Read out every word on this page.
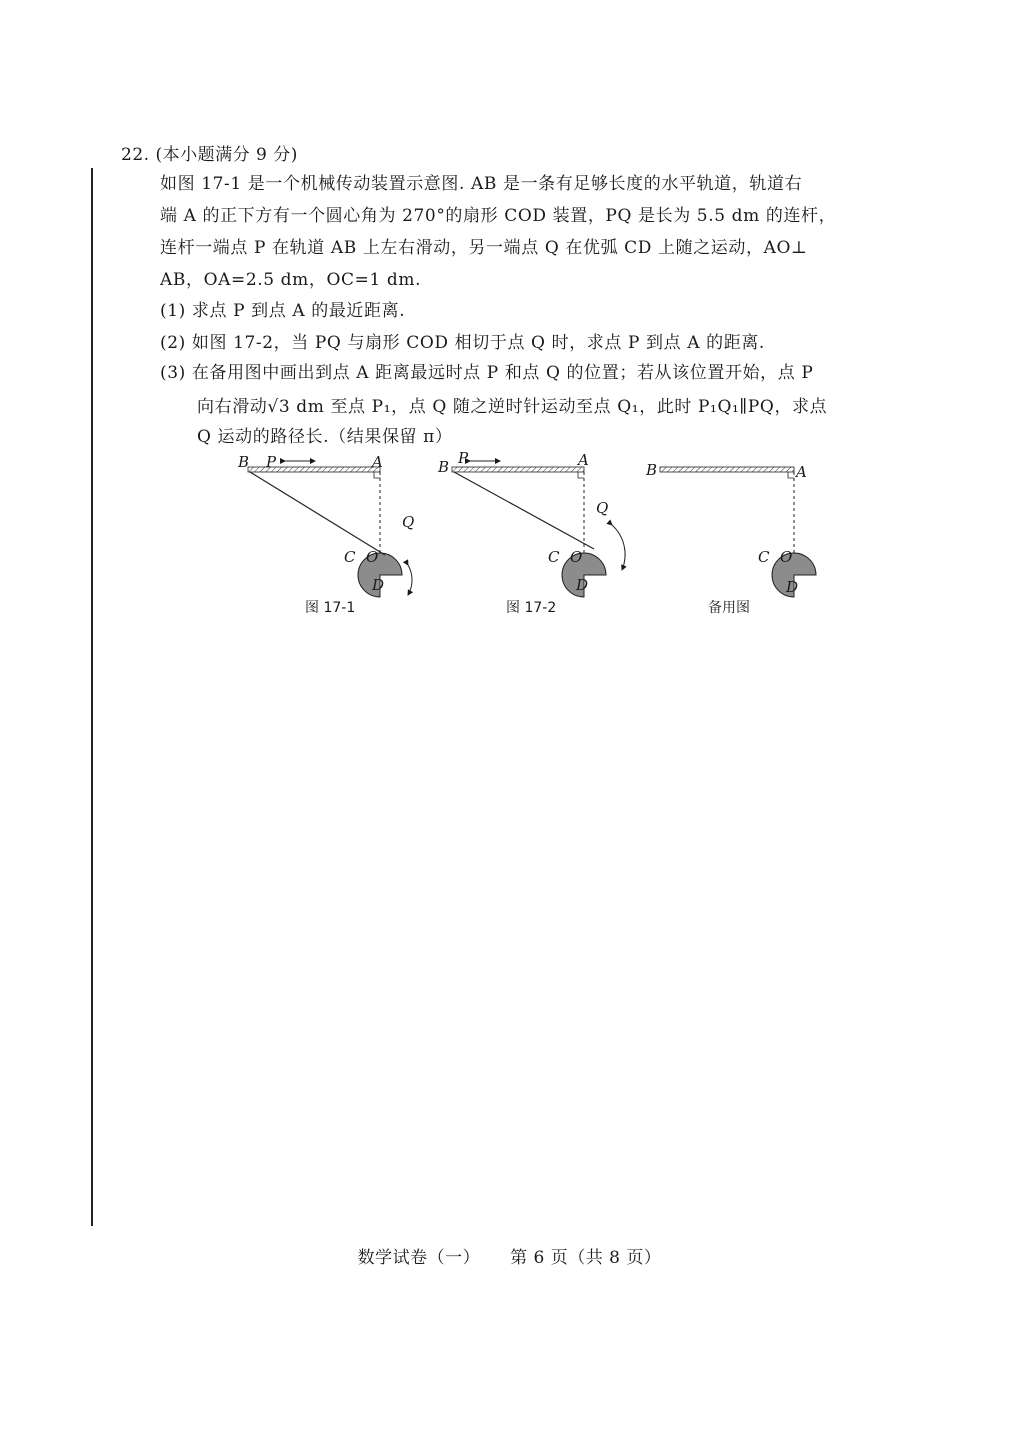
22. (本小题满分 9 分)
如图 17-1 是一个机械传动装置示意图. AB 是一条有足够长度的水平轨道，轨道右
端 A 的正下方有一个圆心角为 270°的扇形 COD 装置，PQ 是长为 5.5 dm 的连杆，
连杆一端点 P 在轨道 AB 上左右滑动，另一端点 Q 在优弧 CD 上随之运动，AO⊥
AB，OA=2.5 dm，OC=1 dm.
(1) 求点 P 到点 A 的最近距离.
(2) 如图 17-2，当 PQ 与扇形 COD 相切于点 Q 时，求点 P 到点 A 的距离.
(3) 在备用图中画出到点 A 距离最远时点 P 和点 Q 的位置；若从该位置开始，点 P
向右滑动√3 dm 至点 P₁，点 Q 随之逆时针运动至点 Q₁，此时 P₁Q₁∥PQ，求点
Q 运动的路径长.（结果保留 π）
B P	A
Q
C O
D
B P	A
Q
C O
D
B	A
C O
D
图 17-1	图 17-2	备用图
数学试卷（一） 第 6 页（共 8 页）
